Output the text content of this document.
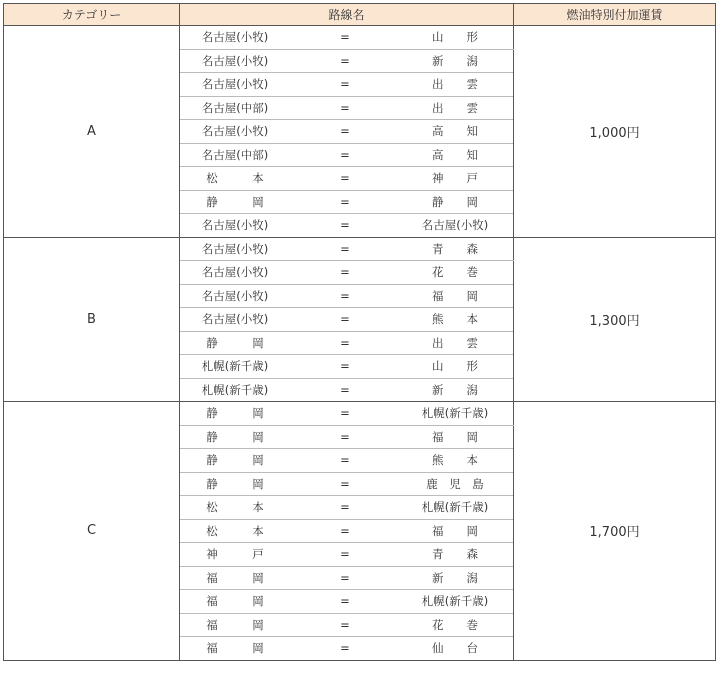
カテゴリー	路線名	燃油特別付加運賃
A	名古屋(小牧) = 山　　形	1,000円

	名古屋(小牧) = 新　　潟	

	名古屋(小牧) = 出　　雲	

	名古屋(中部) = 出　　雲	

	名古屋(小牧) = 高　　知	

	名古屋(中部) = 高　　知	

	松　　　本 = 神　　戸	

	静　　　岡 = 静　　岡	

	名古屋(小牧) = 名古屋(小牧)	

B	名古屋(小牧) = 青　　森	1,300円

	名古屋(小牧) = 花　　巻	

	名古屋(小牧) = 福　　岡	

	名古屋(小牧) = 熊　　本	

	静　　　岡 = 出　　雲	

	札幌(新千歳) = 山　　形	

	札幌(新千歳) = 新　　潟	

C	静　　　岡 = 札幌(新千歳)	1,700円

	静　　　岡 = 福　　岡	

	静　　　岡 = 熊　　本	

	静　　　岡 = 鹿　児　島	

	松　　　本 = 札幌(新千歳)	

	松　　　本 = 福　　岡	

	神　　　戸 = 青　　森	

	福　　　岡 = 新　　潟	

	福　　　岡 = 札幌(新千歳)	

	福　　　岡 = 花　　巻	

	福　　　岡 = 仙　　台	
